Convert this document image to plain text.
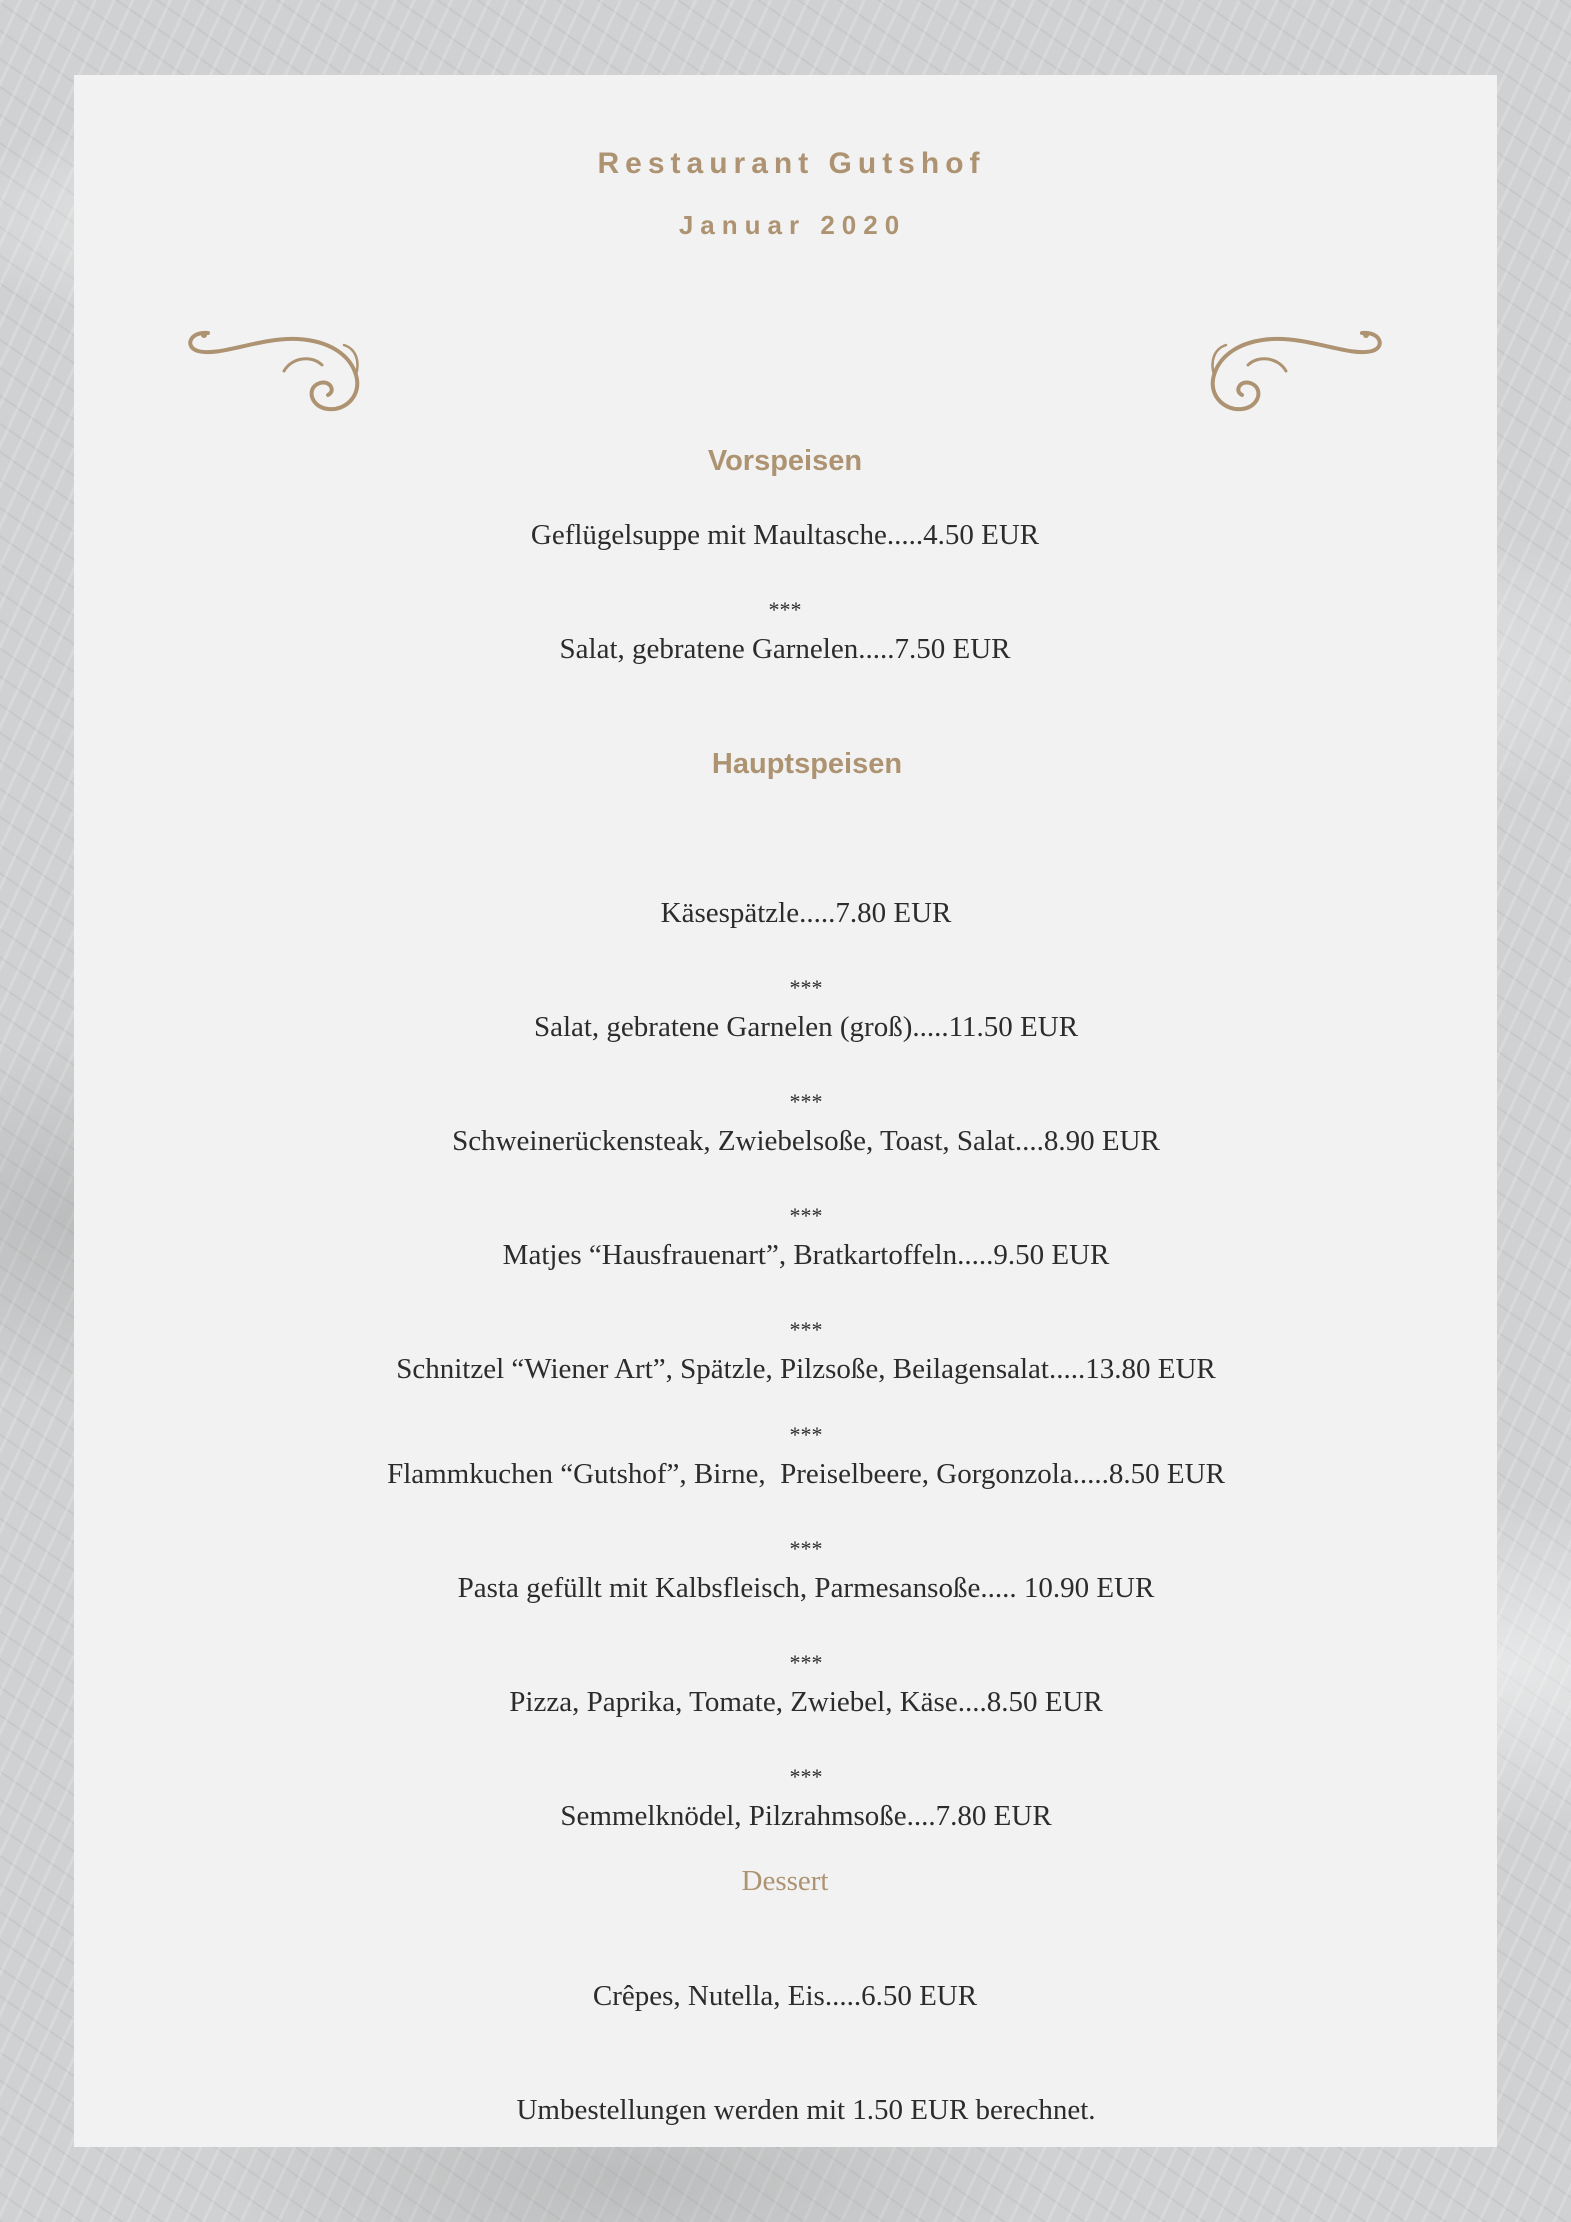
Restaurant Gutshof
Januar 2020
Vorspeisen
Geflügelsuppe mit Maultasche.....4.50 EUR
***
Salat, gebratene Garnelen.....7.50 EUR
Hauptspeisen
Käsespätzle.....7.80 EUR
***
Salat, gebratene Garnelen (groß).....11.50 EUR
***
Schweinerückensteak, Zwiebelsoße, Toast, Salat....8.90 EUR
***
Matjes “Hausfrauenart”, Bratkartoffeln.....9.50 EUR
***
Schnitzel “Wiener Art”, Spätzle, Pilzsoße, Beilagensalat.....13.80 EUR
***
Flammkuchen “Gutshof”, Birne,  Preiselbeere, Gorgonzola.....8.50 EUR
***
Pasta gefüllt mit Kalbsfleisch, Parmesansoße..... 10.90 EUR
***
Pizza, Paprika, Tomate, Zwiebel, Käse....8.50 EUR
***
Semmelknödel, Pilzrahmsoße....7.80 EUR
Dessert
Crêpes, Nutella, Eis.....6.50 EUR
Umbestellungen werden mit 1.50 EUR berechnet.
